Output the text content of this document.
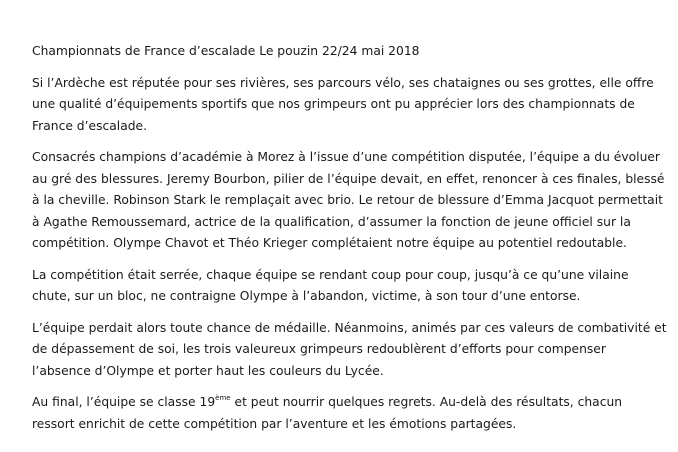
Championnats de France d’escalade Le pouzin 22/24 mai 2018

Si l’Ardèche est réputée pour ses rivières, ses parcours vélo, ses chataignes ou ses grottes, elle offre une qualité d’équipements sportifs que nos grimpeurs ont pu apprécier lors des championnats de France d’escalade.

Consacrés champions d’académie à Morez à l’issue d’une compétition disputée, l’équipe a du évoluer au gré des blessures. Jeremy Bourbon, pilier de l’équipe devait, en effet, renoncer à ces finales, blessé à la cheville. Robinson Stark le remplaçait avec brio. Le retour de blessure d’Emma Jacquot permettait à Agathe Remoussemard, actrice de la qualification, d’assumer la fonction de jeune officiel sur la compétition. Olympe Chavot et Théo Krieger complétaient notre équipe au potentiel redoutable.

La compétition était serrée, chaque équipe se rendant coup pour coup, jusqu’à ce qu’une vilaine chute, sur un bloc, ne contraigne Olympe à l’abandon, victime, à son tour d’une entorse.

L’équipe perdait alors toute chance de médaille. Néanmoins, animés par ces valeurs de combativité et de dépassement de soi, les trois valeureux grimpeurs redoublèrent d’efforts pour compenser l’absence d’Olympe et porter haut les couleurs du Lycée.

Au final, l’équipe se classe 19ème et peut nourrir quelques regrets. Au-delà des résultats, chacun ressort enrichit de cette compétition par l’aventure et les émotions partagées.
